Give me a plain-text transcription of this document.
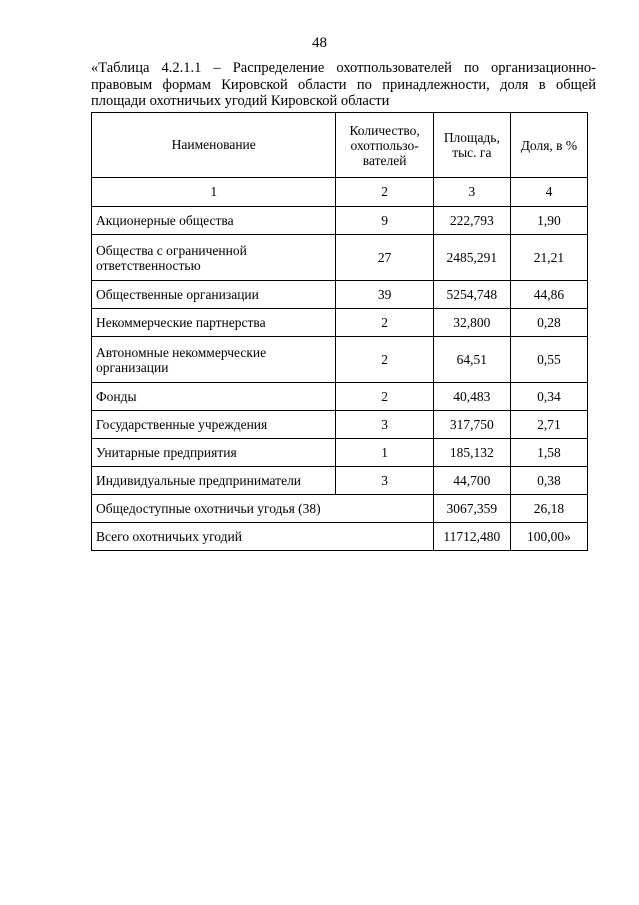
48
«Таблица 4.2.1.1 – Распределение охотпользователей по организационно-правовым формам Кировской области по принадлежности, доля в общей площади охотничьих угодий Кировской области
Наименование	Количество, охотпользо-вателей	Площадь, тыс. га	Доля, в %
1	2	3	4
Акционерные общества	9	222,793	1,90
Общества с ограниченной ответственностью	27	2485,291	21,21
Общественные организации	39	5254,748	44,86
Некоммерческие партнерства	2	32,800	0,28
Автономные некоммерческие организации	2	64,51	0,55
Фонды	2	40,483	0,34
Государственные учреждения	3	317,750	2,71
Унитарные предприятия	1	185,132	1,58
Индивидуальные предприниматели	3	44,700	0,38
Общедоступные охотничьи угодья (38)		3067,359	26,18
Всего охотничьих угодий		11712,480	100,00»
